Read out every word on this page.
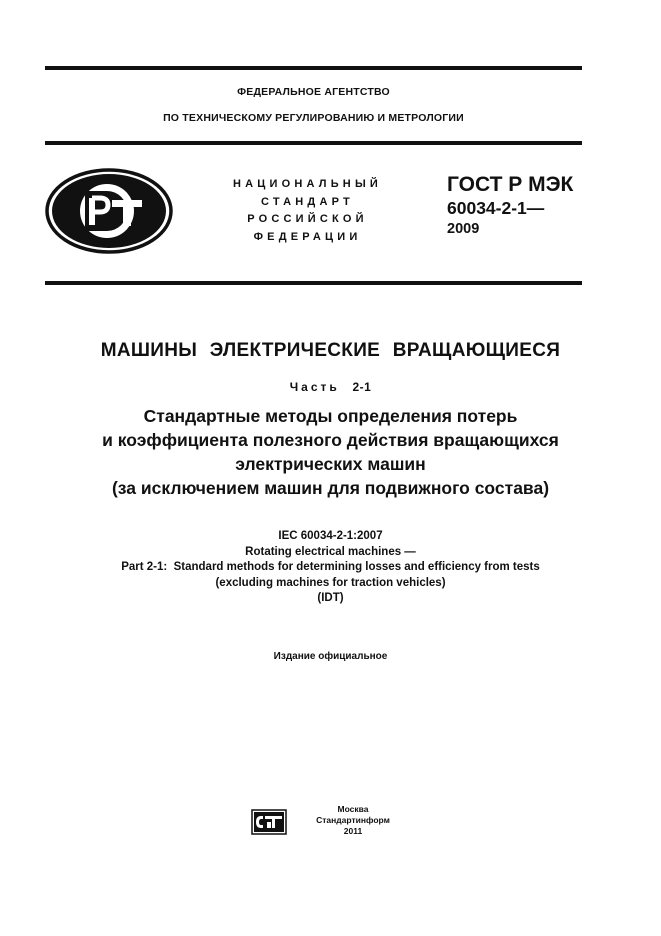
ФЕДЕРАЛЬНОЕ АГЕНТСТВО
ПО ТЕХНИЧЕСКОМУ РЕГУЛИРОВАНИЮ И МЕТРОЛОГИИ
НАЦИОНАЛЬНЫЙ
СТАНДАРТ
РОССИЙСКОЙ
ФЕДЕРАЦИИ
ГОСТ Р МЭК
60034-2-1—
2009
МАШИНЫ ЭЛЕКТРИЧЕСКИЕ ВРАЩАЮЩИЕСЯ
Часть 2-1
Стандартные методы определения потерь
и коэффициента полезного действия вращающихся
электрических машин
(за исключением машин для подвижного состава)
IEC 60034-2-1:2007
Rotating electrical machines —
Part 2-1:  Standard methods for determining losses and efficiency from tests
(excluding machines for traction vehicles)
(IDT)
Издание официальное
Москва
Стандартинформ
2011
